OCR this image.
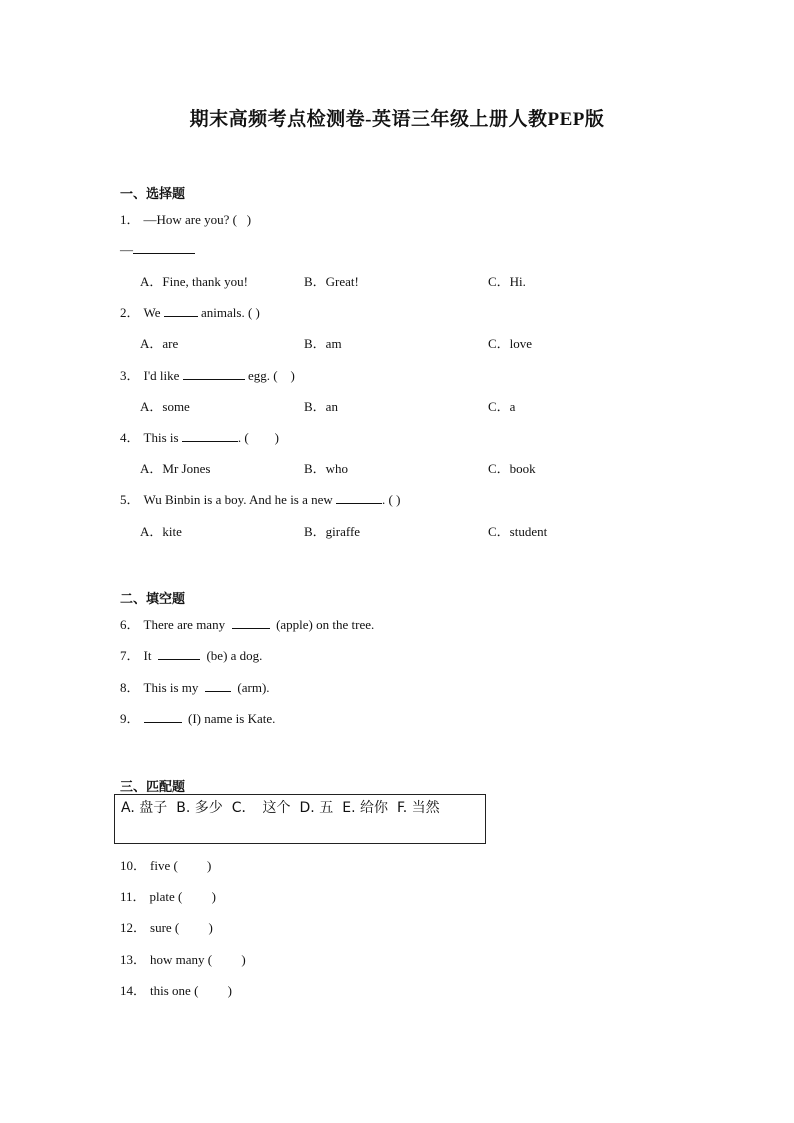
期末高频考点检测卷-英语三年级上册人教PEP版
一、选择题
1． —How are you? ( )
—
A．Fine, thank you!	B．Great!	C．Hi.
2． We	animals. ( )
A．are	B．am	C．love
3． I'd like	egg. (　)
A．some	B．an	C．a
4． This is	. (　　)
A．Mr Jones	B．who	C．book
5． Wu Binbin is a boy. And he is a new	. ( )
A．kite	B．giraffe	C．student
二、填空题
6． There are many	(apple) on the tree.
7． It	(be) a dog.
8． This is my	(arm).
9．	(I) name is Kate.
三、匹配题
A. 盘子 B. 多少 C．　这个 D. 五 E. 给你 F. 当然
10． five (　　 )
11． plate (　　 )
12． sure (　　 )
13． how many (　　 )
14． this one (　　 )
